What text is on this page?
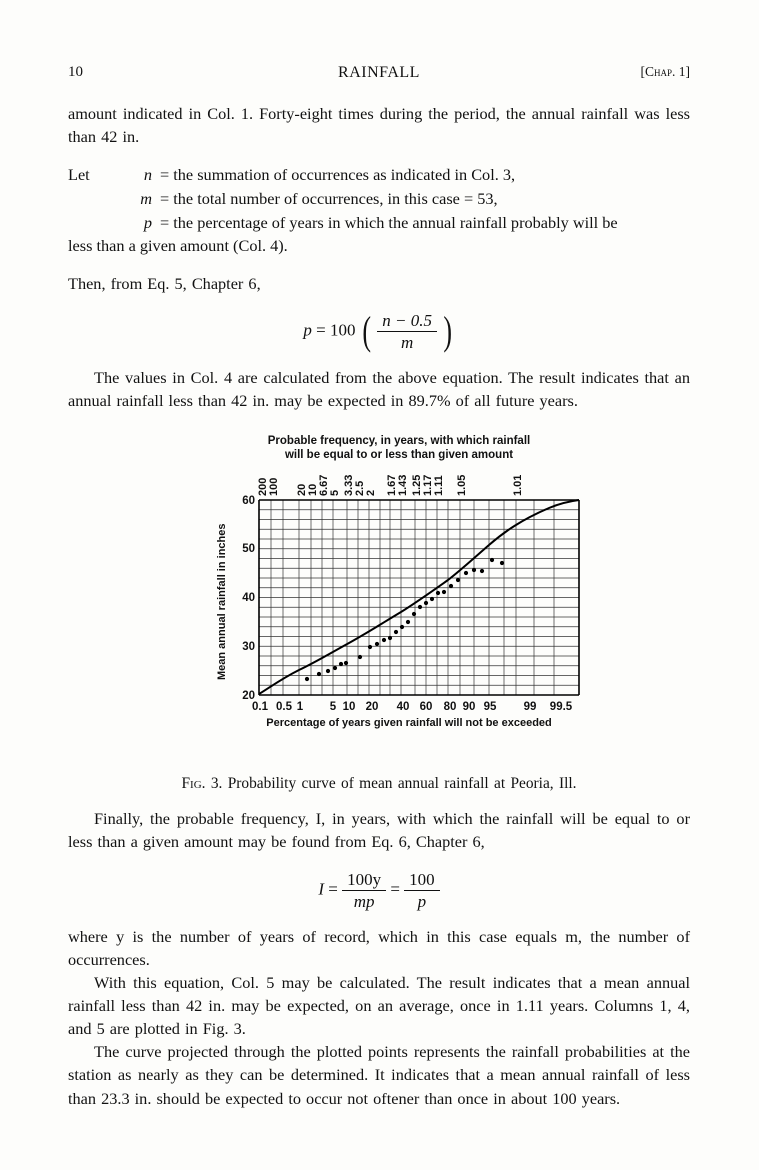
10	RAINFALL	[Chap. 1]

amount indicated in Col. 1. Forty-eight times during the period, the annual rainfall was less than 42 in.

Let	n = the summation of occurrences as indicated in Col. 3,
m = the total number of occurrences, in this case = 53,
p = the percentage of years in which the annual rainfall probably will be
less than a given amount (Col. 4).

Then, from Eq. 5, Chapter 6,

p = 100 ( $\frac{n - 0.5}{m}$ )

The values in Col. 4 are calculated from the above equation. The result indicates that an annual rainfall less than 42 in. may be expected in 89.7% of all future years.

Probable frequency, in years, with which rainfall
will be equal to or less than given amount
200 100 20 10 6.67 5 3.33 2.5 2 1.67 1.43 1.25 1.17 1.11 1.05	1.01
20
30
40
50
60
Mean annual rainfall in inches
0.1 0.5 1 5 10 20 40 60 80 90 95 99 99.5
Percentage of years given rainfall will not be exceeded
Fig. 3. Probability curve of mean annual rainfall at Peoria, Ill.

Finally, the probable frequency, I, in years, with which the rainfall will be equal to or less than a given amount may be found from Eq. 6, Chapter 6,

$I = \frac{100y}{mp} = \frac{100}{p}$

where y is the number of years of record, which in this case equals m, the number of occurrences.

With this equation, Col. 5 may be calculated. The result indicates that a mean annual rainfall less than 42 in. may be expected, on an average, once in 1.11 years. Columns 1, 4, and 5 are plotted in Fig. 3.

The curve projected through the plotted points represents the rainfall probabilities at the station as nearly as they can be determined. It indicates that a mean annual rainfall of less than 23.3 in. should be expected to occur not oftener than once in about 100 years.
